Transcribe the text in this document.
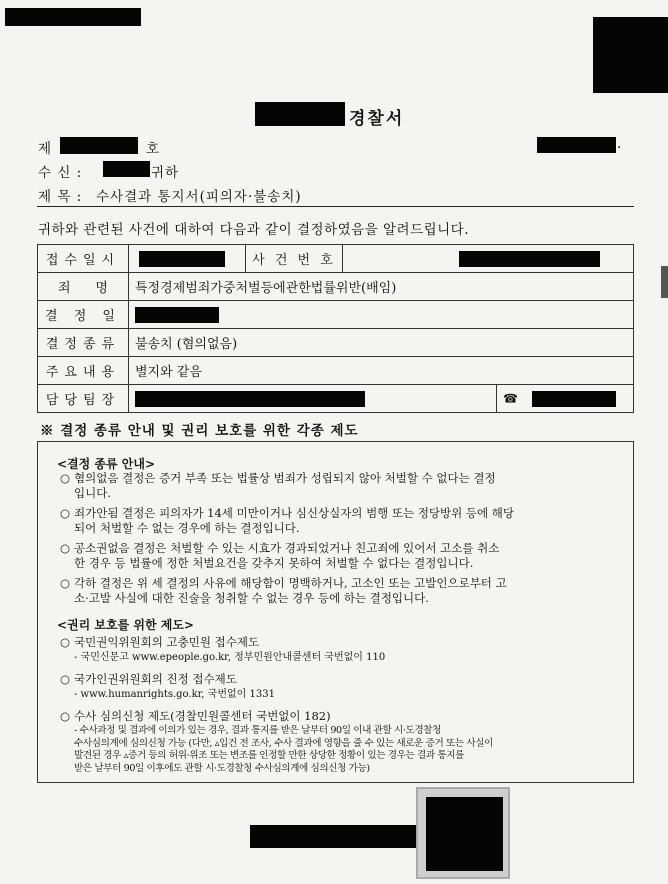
경찰서
제	호	.
수 신 :	귀하
제 목 : 수사결과 통지서(피의자·불송치)
귀하와 관련된 사건에 대하여 다음과 같이 결정하였음을 알려드립니다.
접수일시		사 건 번 호		
죄      명	특정경제범죄가중처벌등에관한법률위반(배임)			
결 정 일				
결정종류	불송치 (혐의없음)			
주요내용	별지와 같음			
담당팀장				☎
※ 결정 종류 안내 및 권리 보호를 위한 각종 제도
<결정 종류 안내>
○ 혐의없음 결정은 증거 부족 또는 법률상 범죄가 성립되지 않아 처벌할 수 없다는 결정
입니다.
○ 죄가안됨 결정은 피의자가 14세 미만이거나 심신상실자의 범행 또는 정당방위 등에 해당
되어 처벌할 수 없는 경우에 하는 결정입니다.
○ 공소권없음 결정은 처벌할 수 있는 시효가 경과되었거나 친고죄에 있어서 고소를 취소
한 경우 등 법률에 정한 처벌요건을 갖추지 못하여 처벌할 수 없다는 결정입니다.
○ 각하 결정은 위 세 결정의 사유에 해당함이 명백하거나, 고소인 또는 고발인으로부터 고
소·고발 사실에 대한 진술을 청취할 수 없는 경우 등에 하는 결정입니다.
<권리 보호를 위한 제도>
○ 국민권익위원회의 고충민원 접수제도
- 국민신문고 www.epeople.go.kr, 정부민원안내콜센터 국번없이 110
○ 국가인권위원회의 진정 접수제도
- www.humanrights.go.kr, 국번없이 1331
○ 수사 심의신청 제도(경찰민원콜센터 국번없이 182)
- 수사과정 및 결과에 이의가 있는 경우, 결과 통지를 받은 날부터 90일 이내 관할 시·도경찰청
수사심의계에 심의신청 가능 (다만, ▵입건 전 조사, 수사 결과에 영향을 줄 수 있는 새로운 증거 또는 사실이
발견된 경우 ▵증거 등의 허위·위조 또는 변조를 인정할 만한 상당한 정황이 있는 경우는 결과 통지를
받은 날부터 90일 이후에도 관할 시·도경찰청 수사심의계에 심의신청 가능)
